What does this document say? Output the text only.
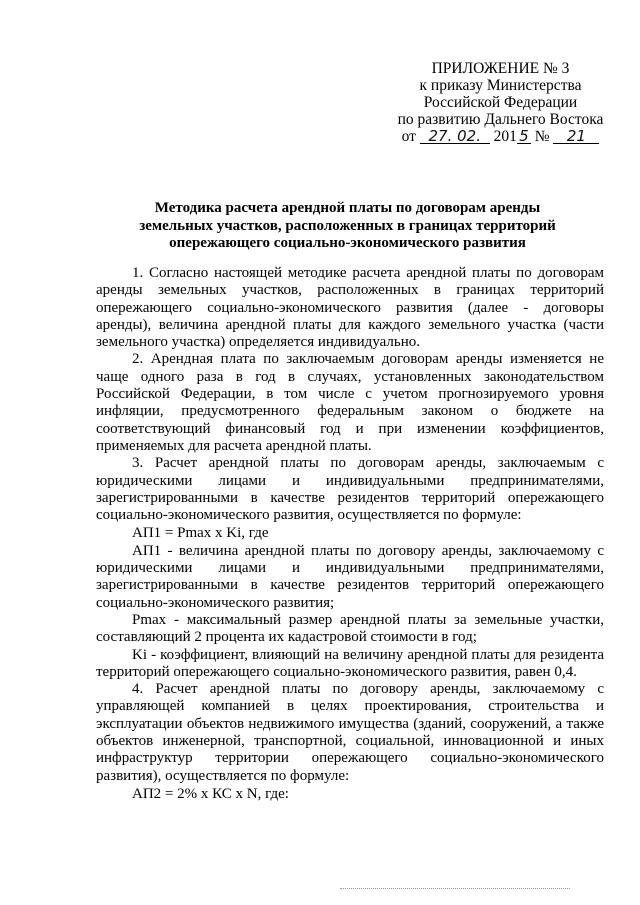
ПРИЛОЖЕНИЕ № 3
к приказу Министерства
Российской Федерации
по развитию Дальнего Востока
от 27. 02. 201 5 № 21
Методика расчета арендной платы по договорам аренды
земельных участков, расположенных в границах территорий
опережающего социально-экономического развития

1. Согласно настоящей методике расчета арендной платы по договорам аренды земельных участков, расположенных в границах территорий опережающего социально-экономического развития (далее - договоры аренды), величина арендной платы для каждого земельного участка (части земельного участка) определяется индивидуально.

2. Арендная плата по заключаемым договорам аренды изменяется не чаще одного раза в год в случаях, установленных законодательством Российской Федерации, в том числе с учетом прогнозируемого уровня инфляции, предусмотренного федеральным законом о бюджете на соответствующий финансовый год и при изменении коэффициентов, применяемых для расчета арендной платы.

3. Расчет арендной платы по договорам аренды, заключаемым с юридическими лицами и индивидуальными предпринимателями, зарегистрированными в качестве резидентов территорий опережающего социально-экономического развития, осуществляется по формуле:

АП1 = Pmax x Ki, где

АП1 - величина арендной платы по договору аренды, заключаемому с юридическими лицами и индивидуальными предпринимателями, зарегистрированными в качестве резидентов территорий опережающего социально-экономического развития;

Pmax - максимальный размер арендной платы за земельные участки, составляющий 2 процента их кадастровой стоимости в год;

Ki - коэффициент, влияющий на величину арендной платы для резидента территорий опережающего социально-экономического развития, равен 0,4.

4. Расчет арендной платы по договору аренды, заключаемому с управляющей компанией в целях проектирования, строительства и эксплуатации объектов недвижимого имущества (зданий, сооружений, а также объектов инженерной, транспортной, социальной, инновационной и иных инфраструктур территории опережающего социально-экономического развития), осуществляется по формуле:

АП2 = 2% х КС х N, где:
